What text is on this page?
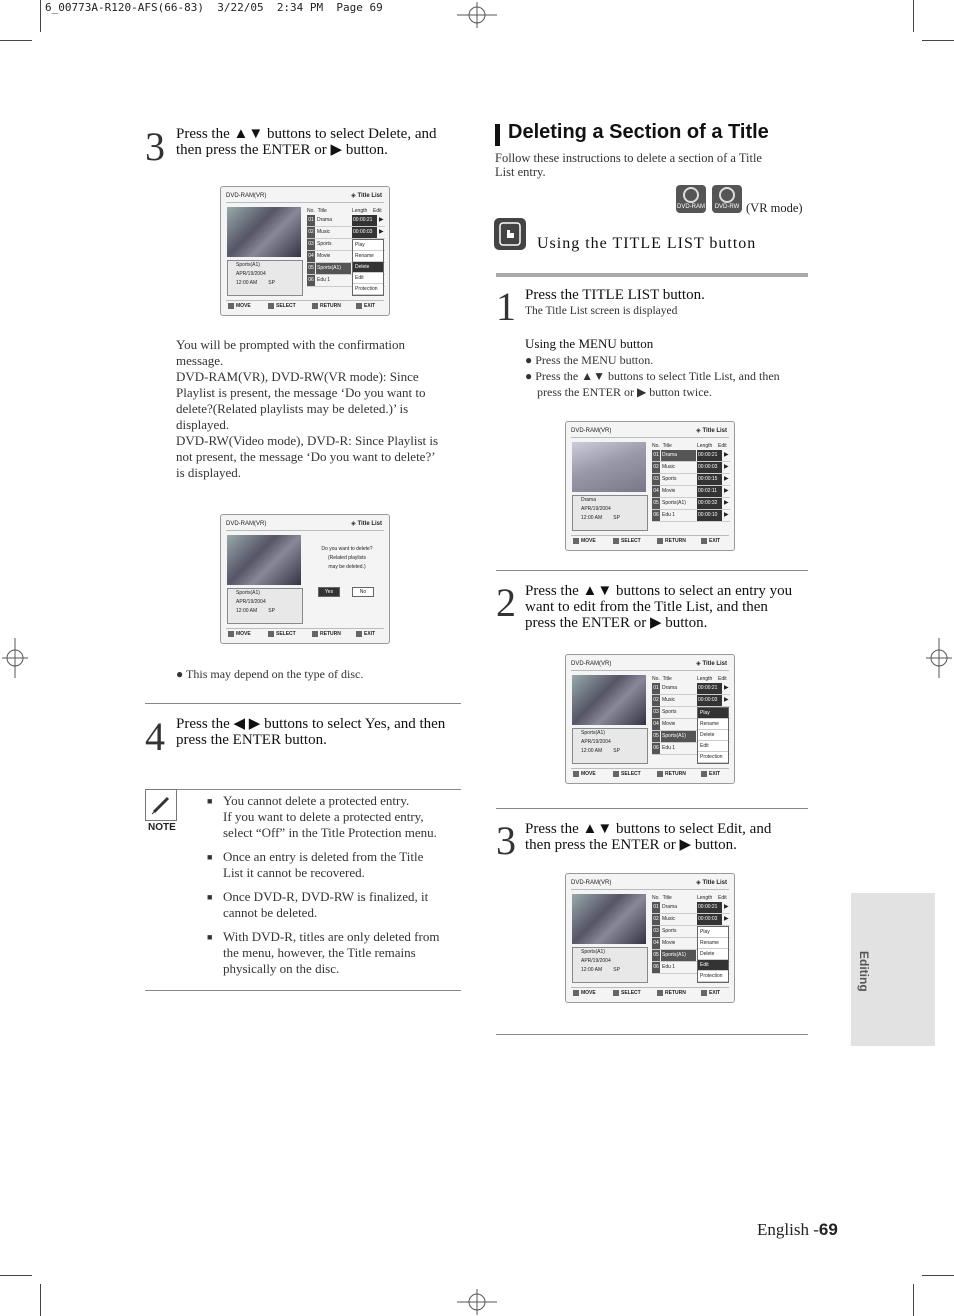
6_00773A-R120-AFS(66-83) 3/22/05 2:34 PM Page 69
3 Press the ▲▼ buttons to select Delete, and
then press the ENTER or ▶ button.
DVD-RAM(VR)	◈ Title List
Sports(A1)
APR/19/2004
12:00 AM SP
No. Title	Length Edit
01 Drama	00:00:21	▶
02 Music	00:00:03	▶
03 Sports
04 Movie
05 Sports(A1)
06 Edu 1
Play
Rename
Delete
Edit
Protection
MOVE	SELECT	RETURN	EXIT
You will be prompted with the confirmation
message.
DVD-RAM(VR), DVD-RW(VR mode): Since
Playlist is present, the message ‘Do you want to
delete?(Related playlists may be deleted.)’ is
displayed.
DVD-RW(Video mode), DVD-R: Since Playlist is
not present, the message ‘Do you want to delete?’
is displayed.
DVD-RAM(VR)	◈ Title List
Sports(A1)
APR/19/2004
12:00 AM SP
Do you want to delete?
(Related playlists
may be deleted.)
Yes	No
MOVE	SELECT	RETURN	EXIT
● This may depend on the type of disc.
4 Press the ◀ ▶ buttons to select Yes, and then
press the ENTER button.
NOTE
■ You cannot delete a protected entry.
If you want to delete a protected entry,
select “Off” in the Title Protection menu.
■ Once an entry is deleted from the Title
List it cannot be recovered.
■ Once DVD-R, DVD-RW is finalized, it
cannot be deleted.
■ With DVD-R, titles are only deleted from
the menu, however, the Title remains
physically on the disc.
Deleting a Section of a Title
Follow these instructions to delete a section of a Title
List entry.
DVD-RAM	DVD-RW (VR mode)
Using the TITLE LIST button
1 Press the TITLE LIST button.
The Title List screen is displayed
Using the MENU button
● Press the MENU button.
● Press the ▲▼ buttons to select Title List, and then
press the ENTER or ▶ button twice.
DVD-RAM(VR)	◈ Title List
Drama
APR/19/2004
12:00 AM SP
No. Title	Length Edit
01 Drama	00:00:21	▶
02 Music	00:00:03	▶
03 Sports	00:00:15	▶
04 Movie	00:02:11	▶
05 Sports(A1) 00:00:32	▶
06 Edu 1	00:00:10	▶
MOVE	SELECT	RETURN	EXIT
2 Press the ▲▼ buttons to select an entry you
want to edit from the Title List, and then
press the ENTER or ▶ button.
DVD-RAM(VR)	◈ Title List
Sports(A1)
APR/19/2004
12:00 AM SP
No. Title	Length Edit
01 Drama	00:00:21	▶
02 Music	00:00:03	▶
03 Sports
04 Movie
05 Sports(A1)
06 Edu 1
Play
Rename
Delete
Edit
Protection
MOVE	SELECT	RETURN	EXIT
3 Press the ▲▼ buttons to select Edit, and
then press the ENTER or ▶ button.
DVD-RAM(VR)	◈ Title List
Sports(A1)
APR/19/2004
12:00 AM SP
No. Title	Length Edit
01 Drama	00:00:21	▶
02 Music	00:00:03	▶
03 Sports
04 Movie
05 Sports(A1)
06 Edu 1
Play
Rename
Delete
Edit
Protection
MOVE	SELECT	RETURN	EXIT
Editing
English -69
